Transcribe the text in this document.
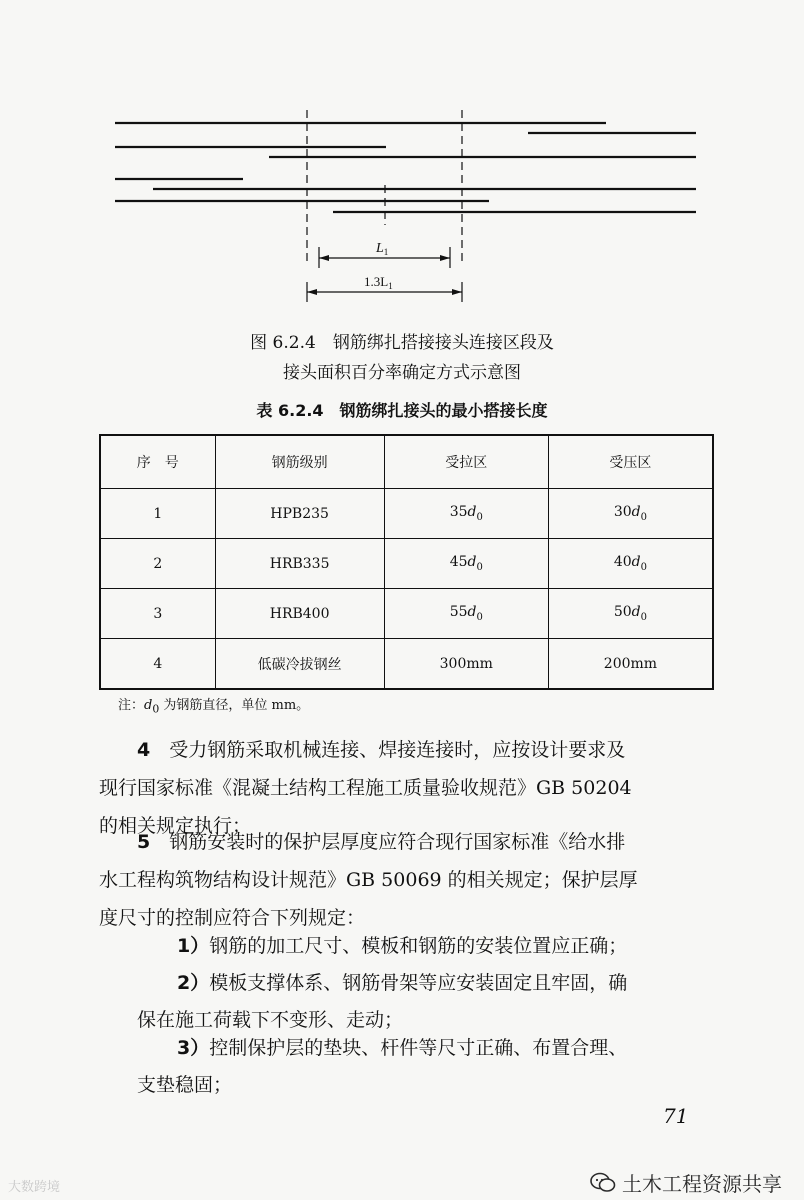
$L_1$
$1.3L_1$
图 6.2.4　钢筋绑扎搭接接头连接区段及
接头面积百分率确定方式示意图
表 6.2.4　钢筋绑扎接头的最小搭接长度
序　号	钢筋级别	受拉区	受压区
1	HPB235	$35d_0$	$30d_0$
2	HRB335	$45d_0$	$40d_0$
3	HRB400	$55d_0$	$50d_0$
4	低碳冷拔钢丝	300mm	200mm
注：$d_0$ 为钢筋直径，单位 mm。

4　 受力钢筋采取机械连接、焊接连接时，应按设计要求及
现行国家标准《混凝土结构工程施工质量验收规范》GB 50204
的相关规定执行；

5　 钢筋安装时的保护层厚度应符合现行国家标准《给水排
水工程构筑物结构设计规范》GB 50069 的相关规定；保护层厚
度尺寸的控制应符合下列规定：

1）钢筋的加工尺寸、模板和钢筋的安装位置应正确；

2）模板支撑体系、钢筋骨架等应安装固定且牢固，确

保在施工荷载下不变形、走动；

3）控制保护层的垫块、杆件等尺寸正确、布置合理、

支垫稳固；

71
大数跨境	土木工程资源共享
